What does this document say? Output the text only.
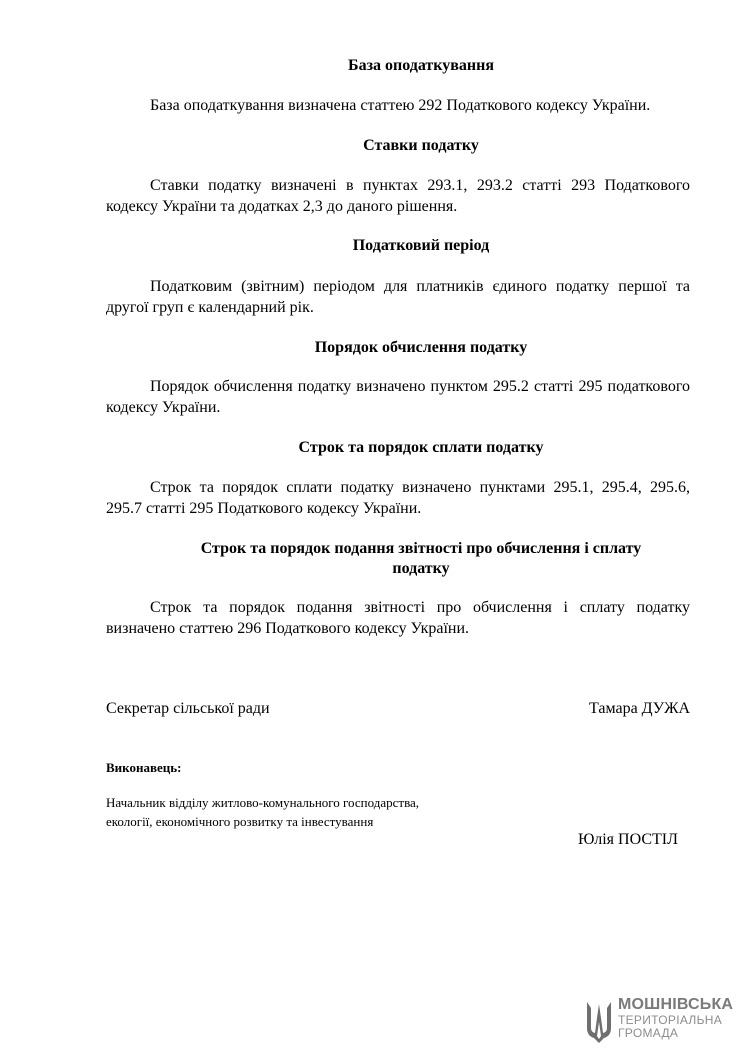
База оподаткування

База оподаткування визначена статтею 292 Податкового кодексу України.

Ставки податку

Ставки податку визначені в пунктах 293.1, 293.2 статті 293 Податкового кодексу України та додатках 2,3 до даного рішення.

Податковий період

Податковим (звітним) періодом для платників єдиного податку першої та другої груп є календарний рік.

Порядок обчислення податку

Порядок обчислення податку визначено пунктом 295.2 статті 295 податкового кодексу України.

Строк та порядок сплати податку

Строк та порядок сплати податку визначено пунктами 295.1, 295.4, 295.6, 295.7 статті 295 Податкового кодексу України.

Строк та порядок подання звітності про обчислення і сплату
податку

Строк та порядок подання звітності про обчислення і сплату податку визначено статтею 296 Податкового кодексу України.

Секретар сільської ради	Тамара ДУЖА
Виконавець:
Начальник відділу житлово-комунального господарства, екології, економічного розвитку та інвестування
Юлія ПОСТІЛ
МОШНІВСЬКА
ТЕРИТОРІАЛЬНА
ГРОМАДА
